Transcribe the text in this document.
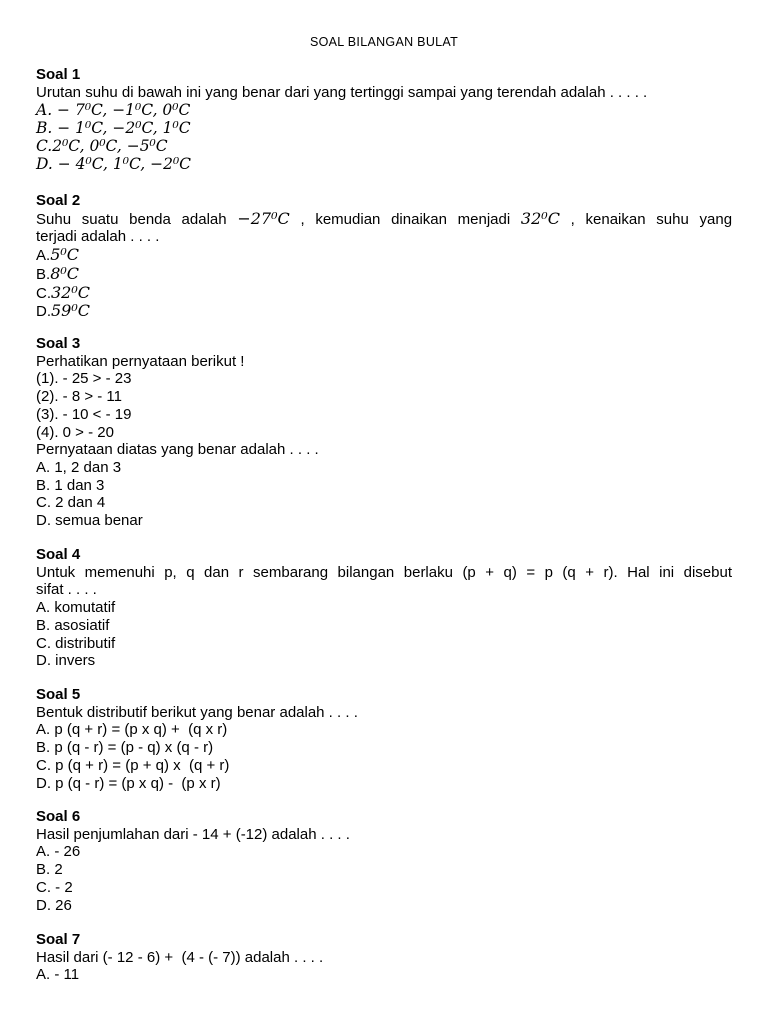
SOAL BILANGAN BULAT
Soal 1
Urutan suhu di bawah ini yang benar dari yang tertinggi sampai yang terendah adalah . . . . .
A. − 7⁰C, −1⁰C, 0⁰C
B. − 1⁰C, −2⁰C, 1⁰C
C.2⁰C, 0⁰C, −5⁰C
D. − 4⁰C, 1⁰C, −2⁰C
Soal 2
Suhu suatu benda adalah −27⁰C , kemudian dinaikan menjadi 32⁰C , kenaikan suhu yang
terjadi adalah . . . .
A.5⁰C
B.8⁰C
C.32⁰C
D.59⁰C
Soal 3
Perhatikan pernyataan berikut !
(1). - 25 > - 23
(2). - 8 > - 11
(3). - 10 < - 19
(4). 0 > - 20
Pernyataan diatas yang benar adalah . . . .
A. 1, 2 dan 3
B. 1 dan 3
C. 2 dan 4
D. semua benar
Soal 4
Untuk memenuhi p, q dan r sembarang bilangan berlaku (p + q) = p (q + r). Hal ini disebut
sifat . . . .
A. komutatif
B. asosiatif
C. distributif
D. invers
Soal 5
Bentuk distributif berikut yang benar adalah . . . .
A. p (q + r) = (p x q) +  (q x r)
B. p (q - r) = (p - q) x (q - r)
C. p (q + r) = (p + q) x  (q + r)
D. p (q - r) = (p x q) -  (p x r)
Soal 6
Hasil penjumlahan dari - 14 + (-12) adalah . . . .
A. - 26
B. 2
C. - 2
D. 26
Soal 7
Hasil dari (- 12 - 6) +  (4 - (- 7)) adalah . . . .
A. - 11
